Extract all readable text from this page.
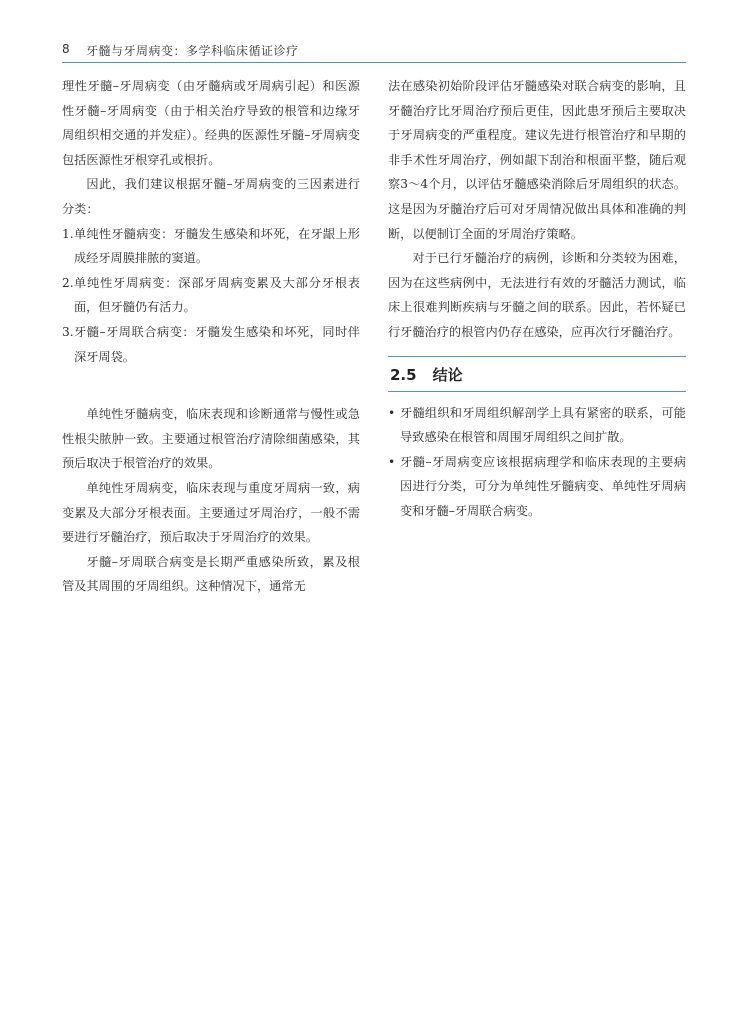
8 牙髓与牙周病变：多学科临床循证诊疗

理性牙髓–牙周病变（由牙髓病或牙周病引起）和医源性牙髓–牙周病变（由于相关治疗导致的根管和边缘牙周组织相交通的并发症）。经典的医源性牙髓–牙周病变包括医源性牙根穿孔或根折。

因此，我们建议根据牙髓–牙周病变的三因素进行分类：

1. 单纯性牙髓病变：牙髓发生感染和坏死，在牙龈上形成经牙周膜排脓的窦道。
2. 单纯性牙周病变：深部牙周病变累及大部分牙根表面，但牙髓仍有活力。
3. 牙髓–牙周联合病变：牙髓发生感染和坏死，同时伴深牙周袋。

单纯性牙髓病变，临床表现和诊断通常与慢性或急性根尖脓肿一致。主要通过根管治疗清除细菌感染，其预后取决于根管治疗的效果。

单纯性牙周病变，临床表现与重度牙周病一致，病变累及大部分牙根表面。主要通过牙周治疗，一般不需要进行牙髓治疗，预后取决于牙周治疗的效果。

牙髓–牙周联合病变是长期严重感染所致，累及根管及其周围的牙周组织。这种情况下，通常无

法在感染初始阶段评估牙髓感染对联合病变的影响，且牙髓治疗比牙周治疗预后更佳，因此患牙预后主要取决于牙周病变的严重程度。建议先进行根管治疗和早期的非手术性牙周治疗，例如龈下刮治和根面平整，随后观察3～4个月，以评估牙髓感染消除后牙周组织的状态。这是因为牙髓治疗后可对牙周情况做出具体和准确的判断，以便制订全面的牙周治疗策略。

对于已行牙髓治疗的病例，诊断和分类较为困难，因为在这些病例中，无法进行有效的牙髓活力测试，临床上很难判断疾病与牙髓之间的联系。因此，若怀疑已行牙髓治疗的根管内仍存在感染，应再次行牙髓治疗。

2.5 结论
• 牙髓组织和牙周组织解剖学上具有紧密的联系，可能导致感染在根管和周围牙周组织之间扩散。
• 牙髓–牙周病变应该根据病理学和临床表现的主要病因进行分类，可分为单纯性牙髓病变、单纯性牙周病变和牙髓–牙周联合病变。
